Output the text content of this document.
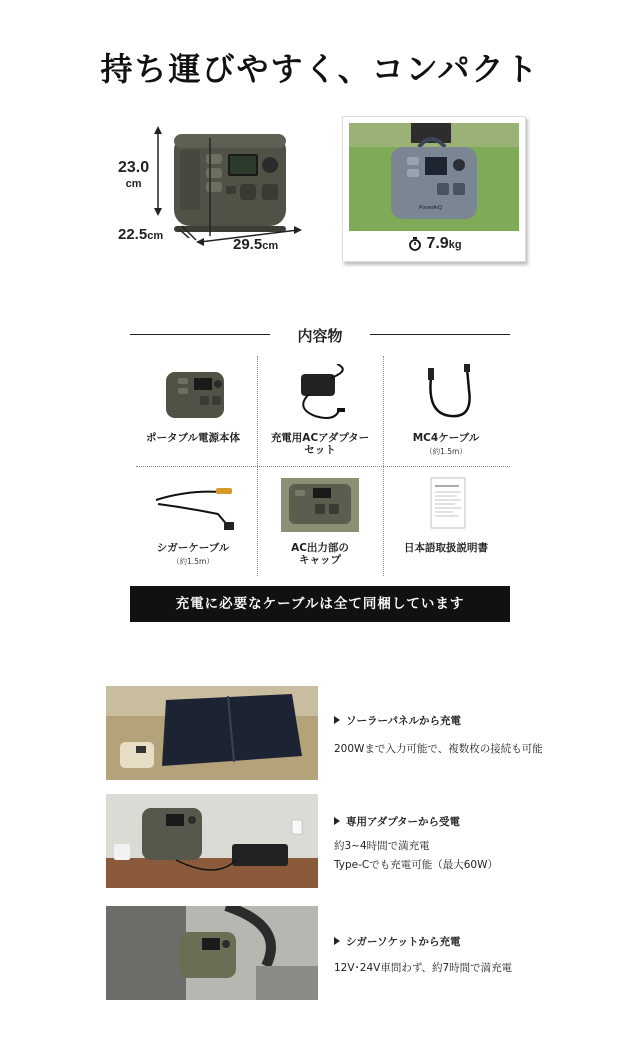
持ち運びやすく、コンパクト
23.0
cm
22.5cm	29.5cm
PowerArQ
7.9kg
内容物
ポータブル電源本体	充電用ACアダプター
セット
MC4ケーブル
（約1.5m）
シガーケーブル
（約1.5m）
AC出力部の
キャップ
日本語取扱説明書
充電に必要なケーブルは全て同梱しています
ソーラーパネルから充電
200Wまで入力可能で、複数枚の接続も可能
専用アダプターから受電
約3~4時間で満充電
Type-Cでも充電可能（最大60W）
シガーソケットから充電
12V･24V車問わず、約7時間で満充電
